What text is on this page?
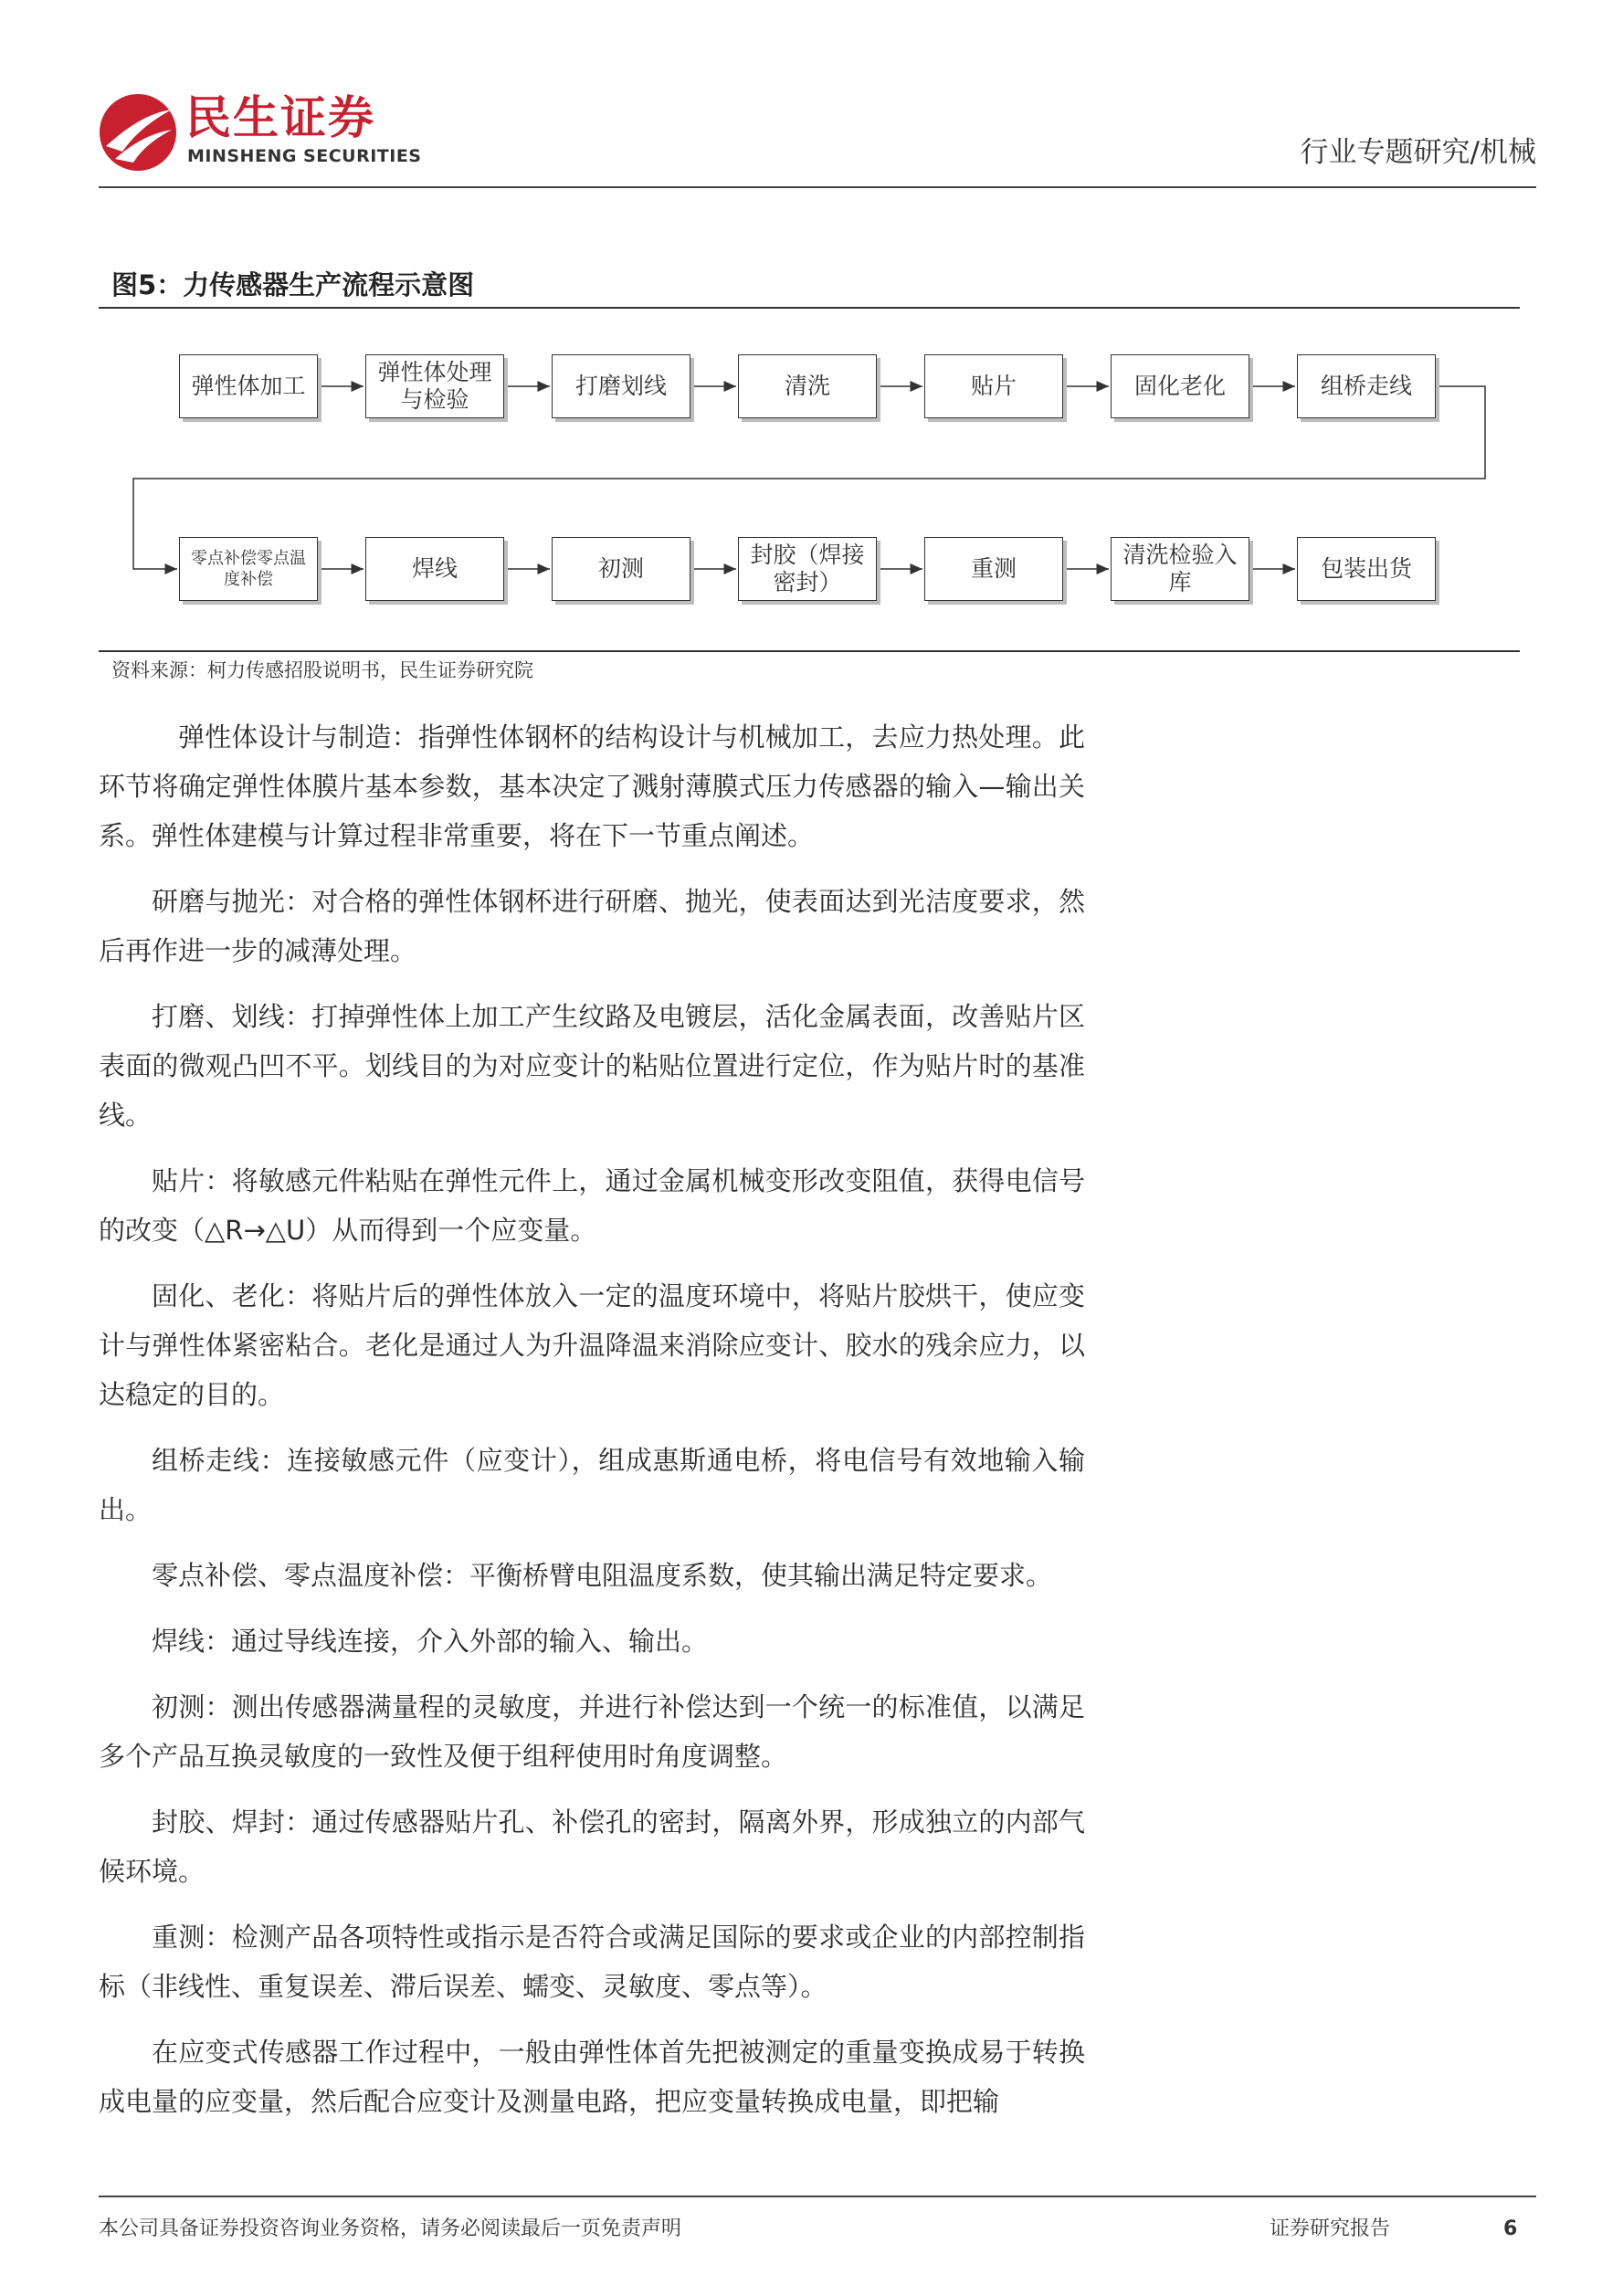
民生证券
MINSHENG SECURITIES	行业专题研究/机械
图5：力传感器生产流程示意图
弹性体加工
弹性体处理与检验
打磨划线	清洗	贴片	固化老化	组桥走线
零点补偿零点温度补偿	焊线	初测
封胶（焊接密封）
重测
清洗检验入库
包装出货
资料来源：柯力传感招股说明书，民生证券研究院

弹性体设计与制造：指弹性体钢杯的结构设计与机械加工，去应力热处理。此环节将确定弹性体膜片基本参数，基本决定了溅射薄膜式压力传感器的输入—输出关系。弹性体建模与计算过程非常重要，将在下一节重点阐述。

研磨与抛光：对合格的弹性体钢杯进行研磨、抛光，使表面达到光洁度要求，然后再作进一步的减薄处理。

打磨、划线：打掉弹性体上加工产生纹路及电镀层，活化金属表面，改善贴片区表面的微观凸凹不平。划线目的为对应变计的粘贴位置进行定位，作为贴片时的基准线。

贴片：将敏感元件粘贴在弹性元件上，通过金属机械变形改变阻值，获得电信号的改变（△R→△U）从而得到一个应变量。

固化、老化：将贴片后的弹性体放入一定的温度环境中，将贴片胶烘干，使应变计与弹性体紧密粘合。老化是通过人为升温降温来消除应变计、胶水的残余应力，以达稳定的目的。

组桥走线：连接敏感元件（应变计），组成惠斯通电桥，将电信号有效地输入输出。

零点补偿、零点温度补偿：平衡桥臂电阻温度系数，使其输出满足特定要求。

焊线：通过导线连接，介入外部的输入、输出。

初测：测出传感器满量程的灵敏度，并进行补偿达到一个统一的标准值，以满足多个产品互换灵敏度的一致性及便于组秤使用时角度调整。

封胶、焊封：通过传感器贴片孔、补偿孔的密封，隔离外界，形成独立的内部气候环境。

重测：检测产品各项特性或指示是否符合或满足国际的要求或企业的内部控制指标（非线性、重复误差、滞后误差、蠕变、灵敏度、零点等）。

在应变式传感器工作过程中，一般由弹性体首先把被测定的重量变换成易于转换成电量的应变量，然后配合应变计及测量电路，把应变量转换成电量，即把输

本公司具备证券投资咨询业务资格，请务必阅读最后一页免责声明	证券研究报告	6
